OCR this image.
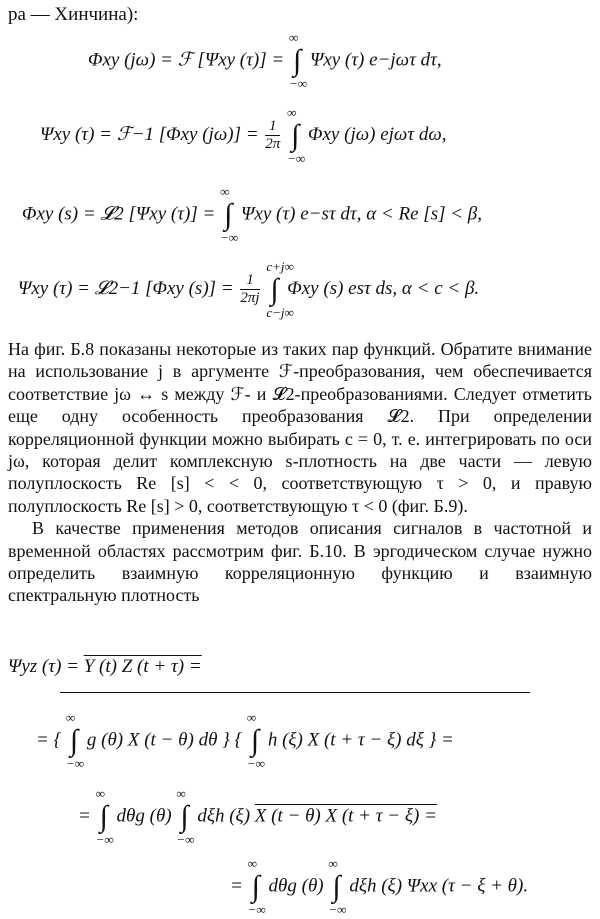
ра — Хинчина):
Φxy (jω) = ℱ [Ψxy (τ)] = ∫
∞
−∞
Ψxy (τ) e−jωτ dτ,
Ψxy (τ) = ℱ−1 [Φxy $(j\omega)] = \frac{1}{2\pi}$ ∫
∞
−∞
Φxy (jω) ejωτ dω,
Φxy (s) = 𝓛2 [Ψxy (τ)] = ∫
∞
−∞
Ψxy (τ) e−sτ dτ, α < Re [s] < β,
Ψxy (τ) = 𝓛2−1 [Φxy $(s)] = \frac{1}{2\pi j}$ ∫
c+j∞
c−j∞
Φxy (s) esτ ds, α < c < β.

На фиг. Б.8 показаны некоторые из таких пар функций. Обратите внимание на использование j в аргументе ℱ-преобразования, чем обеспечивается соответствие jω ↔ s между ℱ- и 𝓛2-преобразованиями. Следует отметить еще одну особенность преобразования 𝓛2. При определении корреляционной функции можно выбирать c = 0, т. е. интегрировать по оси jω, которая делит комплексную s-плотность на две части — левую полуплоскость Re [s] < < 0, соответствующую τ > 0, и правую полуплоскость Re [s] > 0, соответствующую τ < 0 (фиг. Б.9).

В качестве применения методов описания сигналов в частотной и временной областях рассмотрим фиг. Б.10. В эргодическом случае нужно определить взаимную корреляционную функцию и взаимную спектральную плотность

Ψyz (τ) = Y (t) Z (t + τ) =
= { ∫
∞
−∞
g (θ) X (t − θ) dθ } { ∫
∞
−∞
h (ξ) X (t + τ − ξ) dξ } =
= ∫
∞
−∞
dθg (θ) ∫
∞
−∞
dξh (ξ) X (t − θ) X (t + τ − ξ) =
= ∫
∞
−∞
dθg (θ) ∫
∞
−∞
dξh (ξ) Ψxx (τ − ξ + θ).
